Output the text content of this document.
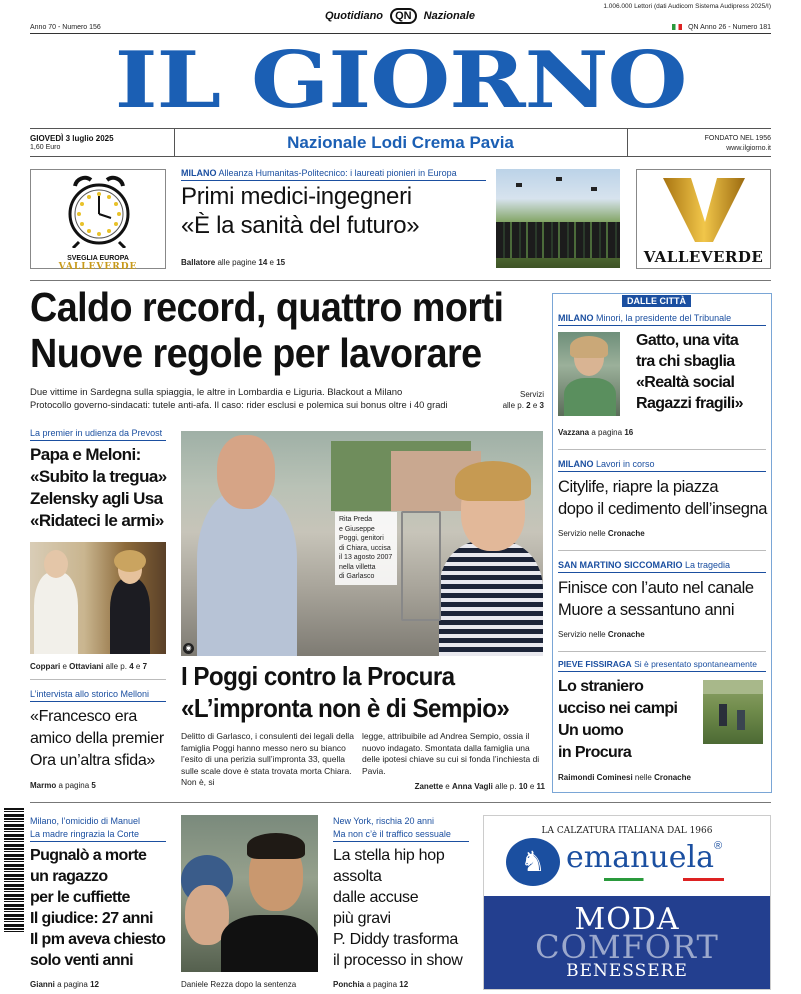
Quotidiano QN Nazionale
1.006.000 Lettori (dati Audicom Sistema Audipress 2025/I)
Anno 70 - Numero 156	QN Anno 26 - Numero 181
IL GIORNO
GIOVEDÌ 3 luglio 2025
1,60 Euro	Nazionale Lodi Crema Pavia	FONDATO NEL 1956
www.ilgiorno.it
SVEGLIA EUROPA
VALLEVERDE
MILANO Alleanza Humanitas-Politecnico: i laureati pionieri in Europa
Primi medici-ingegneri
«È la sanità del futuro»
Ballatore alle pagine 14 e 15	VALLEVERDE
Caldo record, quattro morti
Nuove regole per lavorare
Due vittime in Sardegna sulla spiaggia, le altre in Lombardia e Liguria. Blackout a Milano
Protocollo governo-sindacati: tutele anti-afa. Il caso: rider esclusi e polemica sui bonus oltre i 40 gradi
Servizi
alle p. 2 e 3
DALLE CITTÀ
MILANO Minori, la presidente del Tribunale
Gatto, una vita
tra chi sbaglia
«Realtà social
Ragazzi fragili»
Vazzana a pagina 16
MILANO Lavori in corso
Citylife, riapre la piazza
dopo il cedimento dell’insegna
Servizio nelle Cronache
SAN MARTINO SICCOMARIO La tragedia
Finisce con l’auto nel canale
Muore a sessantuno anni
Servizio nelle Cronache
PIEVE FISSIRAGA Si è presentato spontaneamente
Lo straniero
ucciso nei campi
Un uomo
in Procura
Raimondi Cominesi nelle Cronache
La premier in udienza da Prevost
Papa e Meloni:
«Subito la tregua»
Zelensky agli Usa
«Ridateci le armi»
Coppari e Ottaviani alle p. 4 e 7
L’intervista allo storico Melloni
«Francesco era
amico della premier
Ora un’altra sfida»
Marmo a pagina 5
Rita Preda
e Giuseppe
Poggi, genitori
di Chiara, uccisa
il 13 agosto 2007
nella villetta
di Garlasco
◉
I Poggi contro la Procura
«L’impronta non è di Sempio»
Delitto di Garlasco, i consulenti dei legali della famiglia Poggi hanno messo nero su bianco l’esito di una perizia sull’impronta 33, quella sulle scale dove è stata trovata morta Chiara. Non è, si
legge, attribuibile ad Andrea Sempio, ossia il nuovo indagato. Smontata dalla famiglia una delle ipotesi chiave su cui si fonda l’inchiesta di Pavia.
Zanette e Anna Vagli alle p. 10 e 11
Milano, l’omicidio di Manuel
La madre ringrazia la Corte
Pugnalò a morte
un ragazzo
per le cuffiette
Il giudice: 27 anni
Il pm aveva chiesto
solo venti anni
Gianni a pagina 12	Daniele Rezza dopo la sentenza
New York, rischia 20 anni
Ma non c’è il traffico sessuale
La stella hip hop
assolta
dalle accuse
più gravi
P. Diddy trasforma
il processo in show
Ponchia a pagina 12
LA CALZATURA ITALIANA DAL 1966
♞ emanuela®
MODA
COMFORT
BENESSERE
